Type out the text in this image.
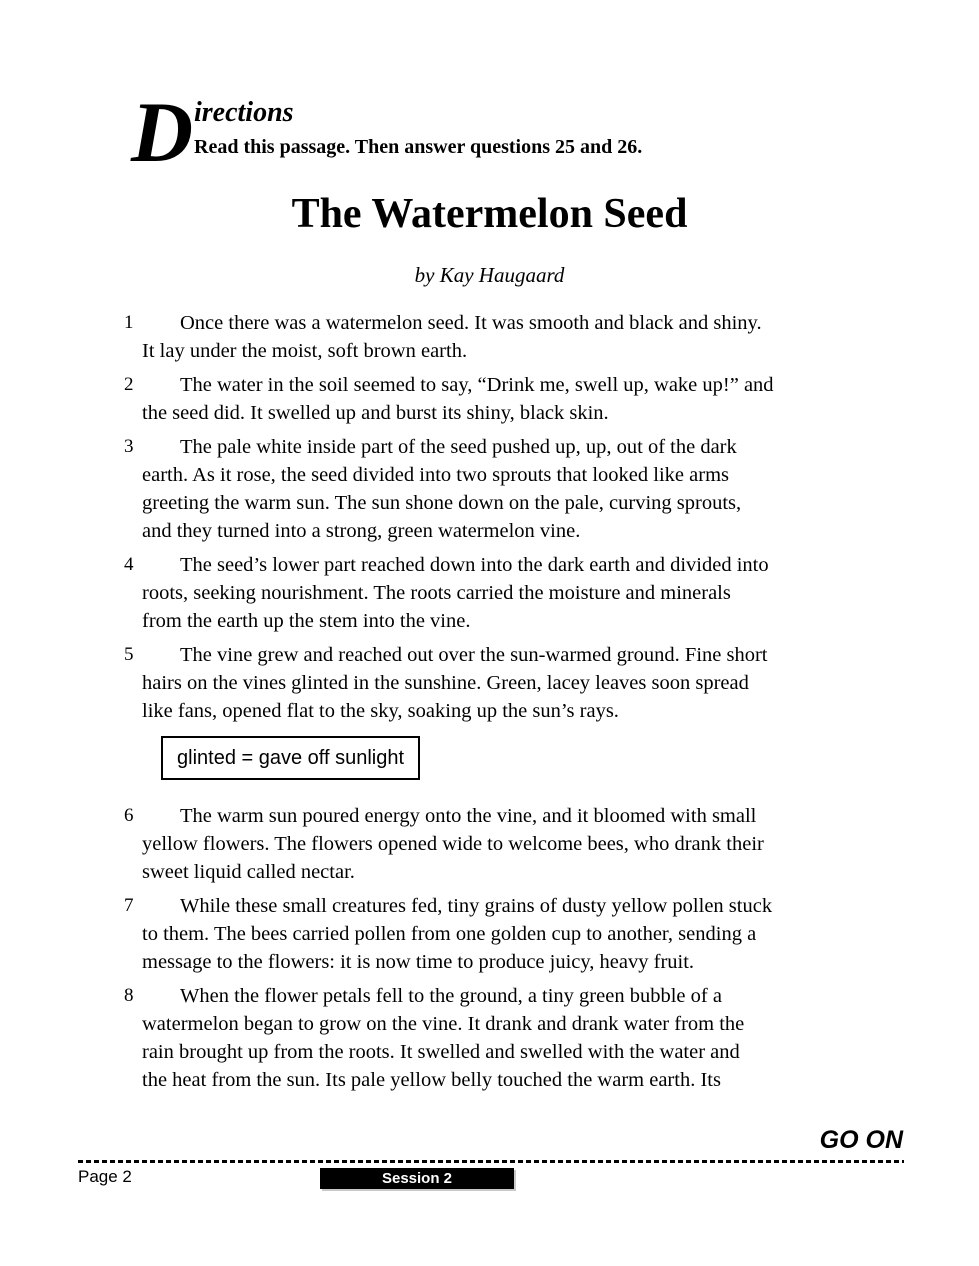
D irections
Read this passage. Then answer questions 25 and 26.
The Watermelon Seed
by Kay Haugaard
1	Once there was a watermelon seed. It was smooth and black and shiny.
It lay under the moist, soft brown earth.
2	The water in the soil seemed to say, “Drink me, swell up, wake up!” and
the seed did. It swelled up and burst its shiny, black skin.
3	The pale white inside part of the seed pushed up, up, out of the dark
earth. As it rose, the seed divided into two sprouts that looked like arms
greeting the warm sun. The sun shone down on the pale, curving sprouts,
and they turned into a strong, green watermelon vine.
4	The seed’s lower part reached down into the dark earth and divided into
roots, seeking nourishment. The roots carried the moisture and minerals
from the earth up the stem into the vine.
5	The vine grew and reached out over the sun-warmed ground. Fine short
hairs on the vines glinted in the sunshine. Green, lacey leaves soon spread
like fans, opened flat to the sky, soaking up the sun’s rays.
glinted = gave off sunlight
6	The warm sun poured energy onto the vine, and it bloomed with small
yellow flowers. The flowers opened wide to welcome bees, who drank their
sweet liquid called nectar.
7	While these small creatures fed, tiny grains of dusty yellow pollen stuck
to them. The bees carried pollen from one golden cup to another, sending a
message to the flowers: it is now time to produce juicy, heavy fruit.
8	When the flower petals fell to the ground, a tiny green bubble of a
watermelon began to grow on the vine. It drank and drank water from the
rain brought up from the roots. It swelled and swelled with the water and
the heat from the sun. Its pale yellow belly touched the warm earth. Its
GO ON
Page 2	Session 2
